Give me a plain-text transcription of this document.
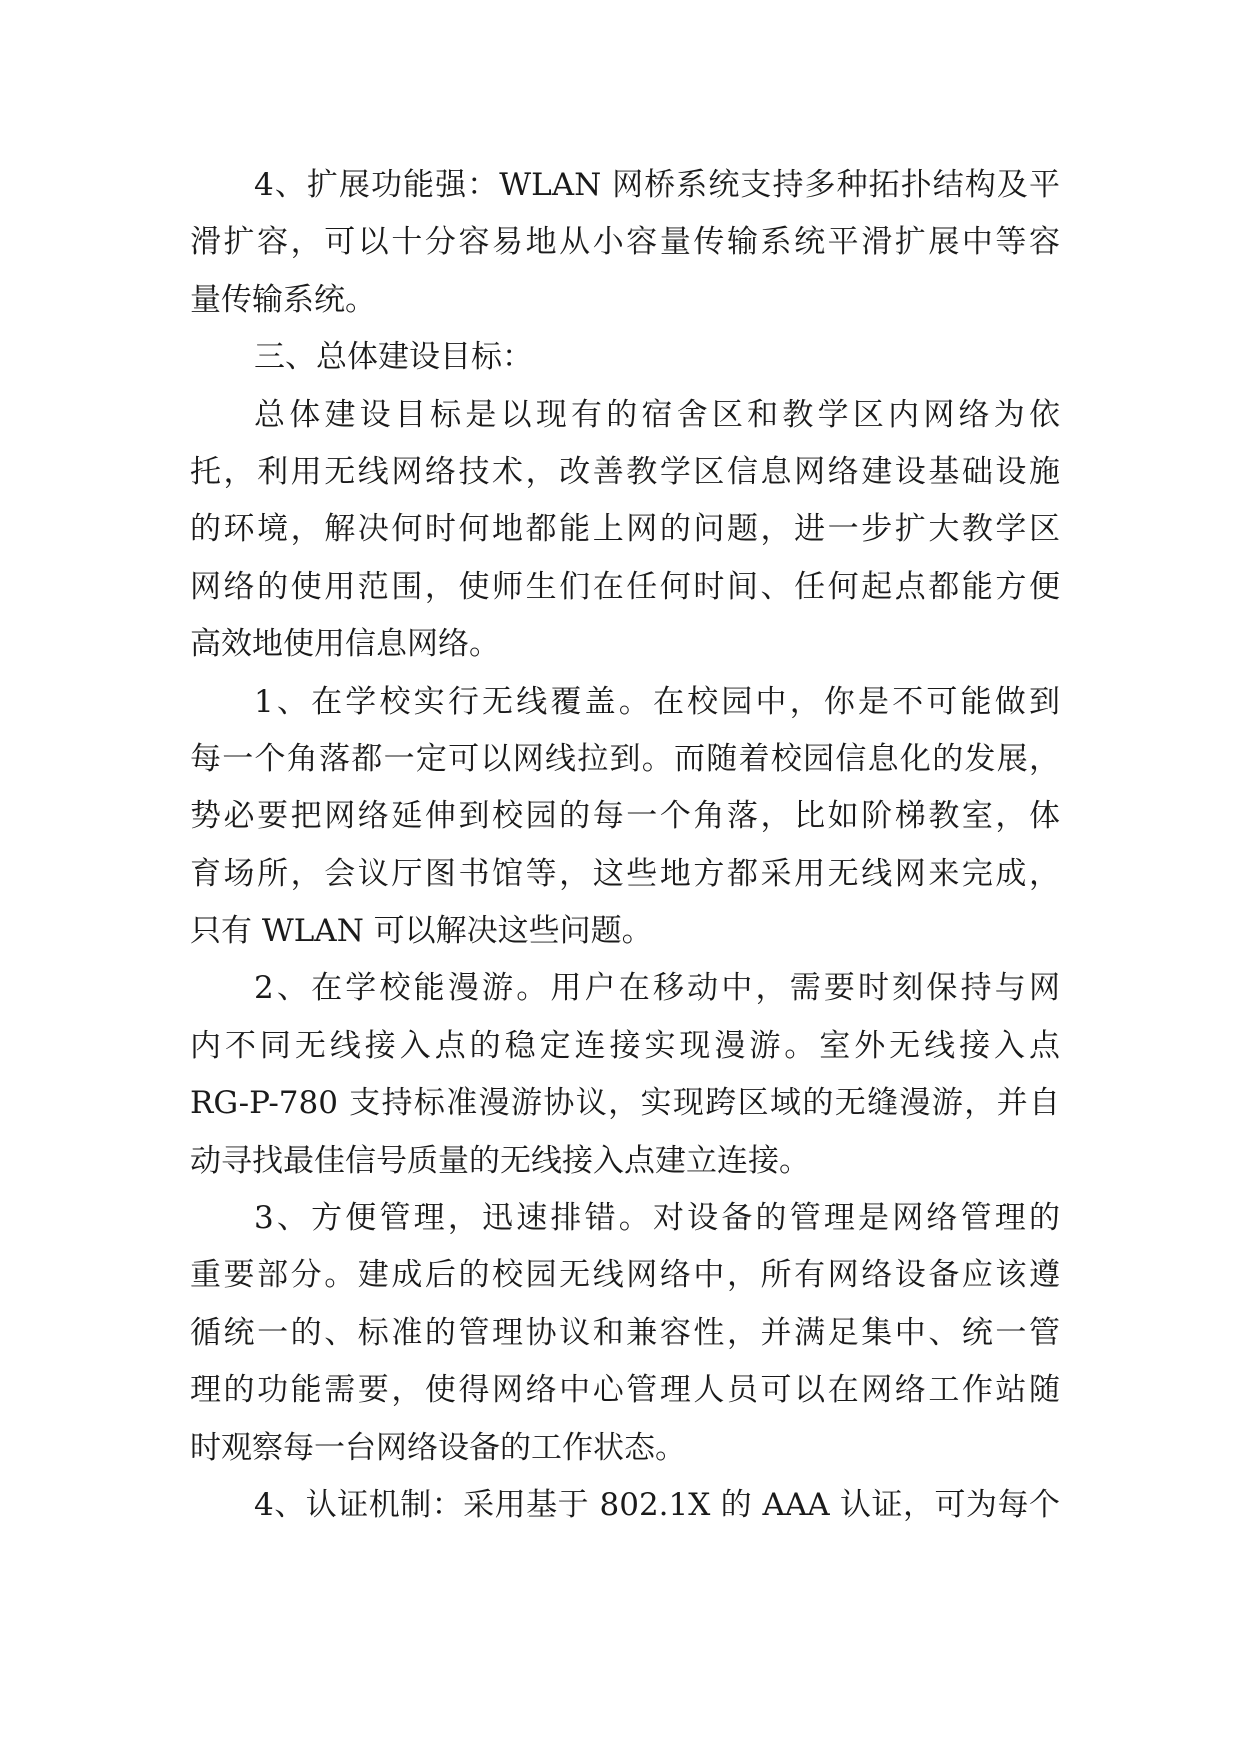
4、扩展功能强：WLAN 网桥系统支持多种拓扑结构及平
滑扩容，可以十分容易地从小容量传输系统平滑扩展中等容
量传输系统。
三、总体建设目标：
总体建设目标是以现有的宿舍区和教学区内网络为依
托，利用无线网络技术，改善教学区信息网络建设基础设施
的环境，解决何时何地都能上网的问题，进一步扩大教学区
网络的使用范围，使师生们在任何时间、任何起点都能方便
高效地使用信息网络。
1、在学校实行无线覆盖。在校园中，你是不可能做到
每一个角落都一定可以网线拉到。而随着校园信息化的发展，
势必要把网络延伸到校园的每一个角落，比如阶梯教室，体
育场所，会议厅图书馆等，这些地方都采用无线网来完成，
只有 WLAN 可以解决这些问题。
2、在学校能漫游。用户在移动中，需要时刻保持与网
内不同无线接入点的稳定连接实现漫游。室外无线接入点
RG-P-780 支持标准漫游协议，实现跨区域的无缝漫游，并自
动寻找最佳信号质量的无线接入点建立连接。
3、方便管理，迅速排错。对设备的管理是网络管理的
重要部分。建成后的校园无线网络中，所有网络设备应该遵
循统一的、标准的管理协议和兼容性，并满足集中、统一管
理的功能需要，使得网络中心管理人员可以在网络工作站随
时观察每一台网络设备的工作状态。
4、认证机制：采用基于 802.1X 的 AAA 认证，可为每个
